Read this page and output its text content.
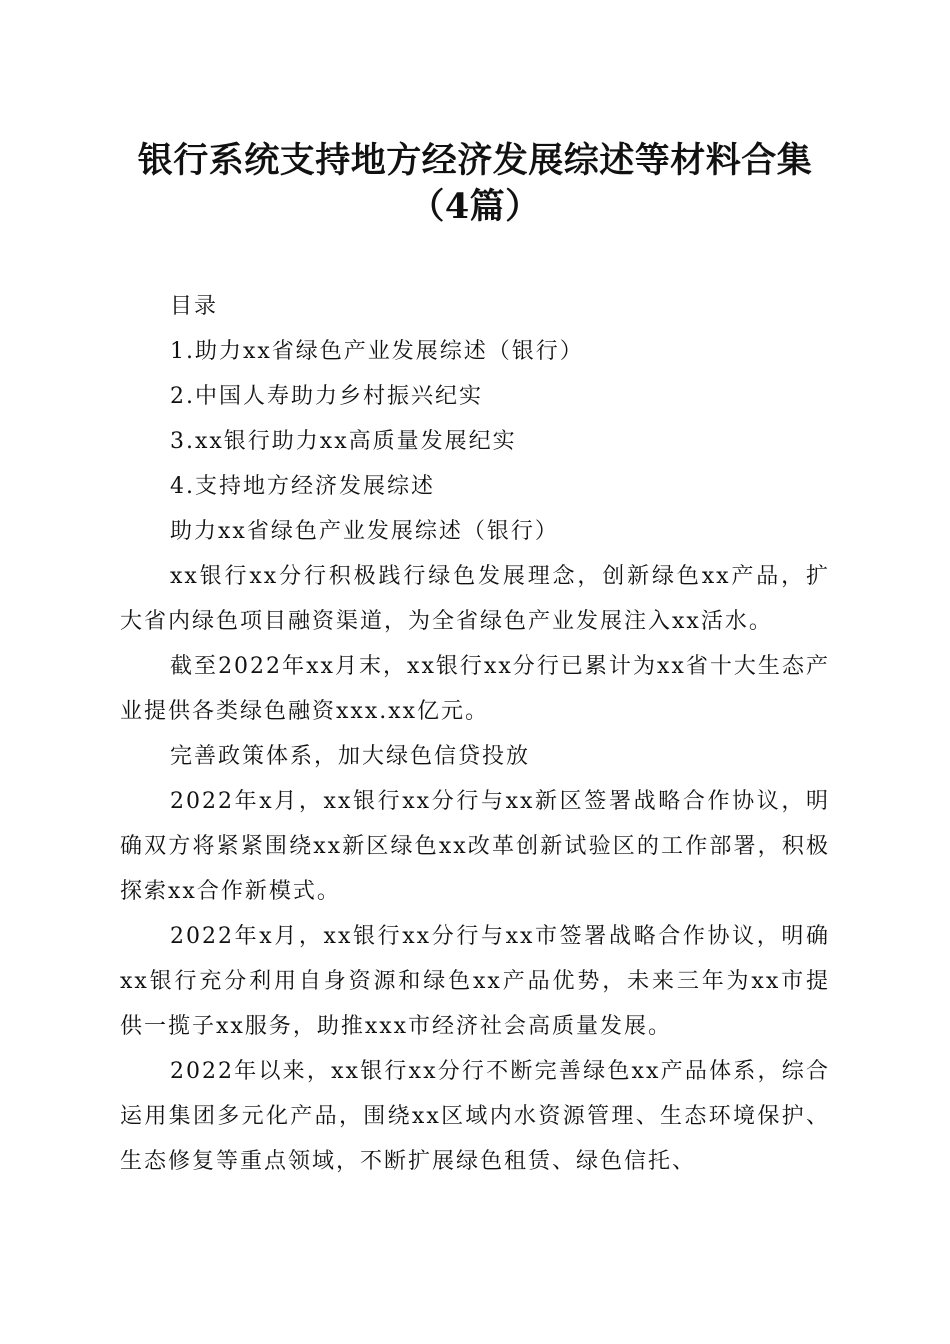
银行系统支持地方经济发展综述等材料合集
（4篇）

目录

1.助力xx省绿色产业发展综述（银行）

2.中国人寿助力乡村振兴纪实

3.xx银行助力xx高质量发展纪实

4.支持地方经济发展综述

助力xx省绿色产业发展综述（银行）

xx银行xx分行积极践行绿色发展理念，创新绿色xx产品，扩大省内绿色项目融资渠道，为全省绿色产业发展注入xx活水。

截至2022年xx月末，xx银行xx分行已累计为xx省十大生态产业提供各类绿色融资xxx.xx亿元。

完善政策体系，加大绿色信贷投放

2022年x月，xx银行xx分行与xx新区签署战略合作协议，明确双方将紧紧围绕xx新区绿色xx改革创新试验区的工作部署，积极探索xx合作新模式。

2022年x月，xx银行xx分行与xx市签署战略合作协议，明确xx银行充分利用自身资源和绿色xx产品优势，未来三年为xx市提供一揽子xx服务，助推xxx市经济社会高质量发展。

2022年以来，xx银行xx分行不断完善绿色xx产品体系，综合运用集团多元化产品，围绕xx区域内水资源管理、生态环境保护、生态修复等重点领域，不断扩展绿色租赁、绿色信托、
